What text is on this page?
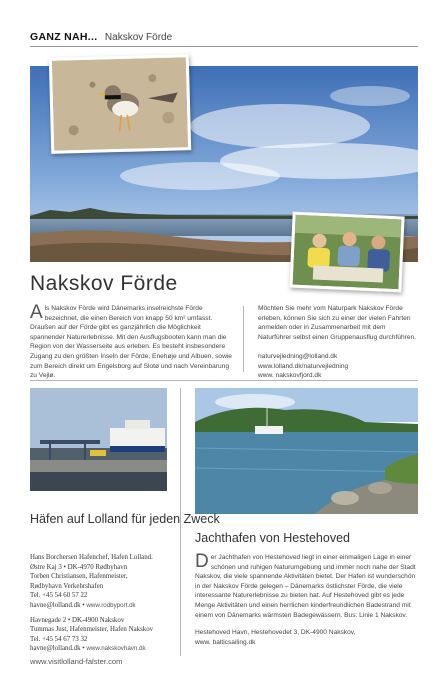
GANZ NAH... Nakskov Förde
Nakskov Förde
Als Nakskov Förde wird Dänemarks inselreichste Förde bezeichnet, die einen Bereich von knapp 50 km² umfasst. Draußen auf der Förde gibt es ganzjährlich die Möglichkeit spannender Naturerlebnisse. Mit den Ausflugsbooten kann man die Region von der Wasserseite aus erleben. Es besteht insbesondere Zugang zu den größten Inseln der Förde, Enehøje und Albuen, sowie zum Bereich direkt um Engelsborg auf Slotø und nach Vereinbarung zu Vejlø.
Möchten Sie mehr vom Naturpark Nakskov Förde erleben, können Sie sich zu einer der vielen Fahrten anmelden oder in Zusammenarbeit mit dem Naturführer selbst einen Gruppenausflug durchführen.
naturvejledning@lolland.dk
www.lolland.dk/naturvejledning
www. nakskovfjord.dk
Häfen auf Lolland für jeden Zweck
Hans Borchersen Hafenchef, Hafen Lolland.
Østre Kaj 3 • DK-4970 Rødbyhavn
Torben Christiansen, Hafenmeister,
Rødbyhavn Verkehrshafen
Tel. +45 54 60 57 22
havne@lolland.dk • www.rodbyport.dk
Havnegade 2 • DK-4900 Nakskov
Tummas Just, Hafenmeister, Hafen Nakskov
Tel. +45 54 67 73 32
havne@lolland.dk • www.nakskovhavn.dk
Jachthafen von Hestehoved
Der Jachthafen von Hestehoved liegt in einer einmaligen Lage in einer schönen und ruhigen Naturumgebung und immer noch nahe der Stadt Nakskov, die viele spannende Aktivitäten bietet. Der Hafen ist wunderschön in der Nakskov Förde gelegen – Dänemarks östlichster Förde, die viele interessante Naturerlebnisse zu bieten hat. Auf Hestehoved gibt es jede Menge Aktivitäten und einen herrlichen kinderfreundlichen Badestrand mit einem von Dänemarks wärmsten Badegewässern. Bus: Linie 1 Nakskov.
Hestehoved Havn, Hestehovedet 3, DK-4900 Nakskov,
www. balticsailing.dk
www.visitlolland-falster.com
